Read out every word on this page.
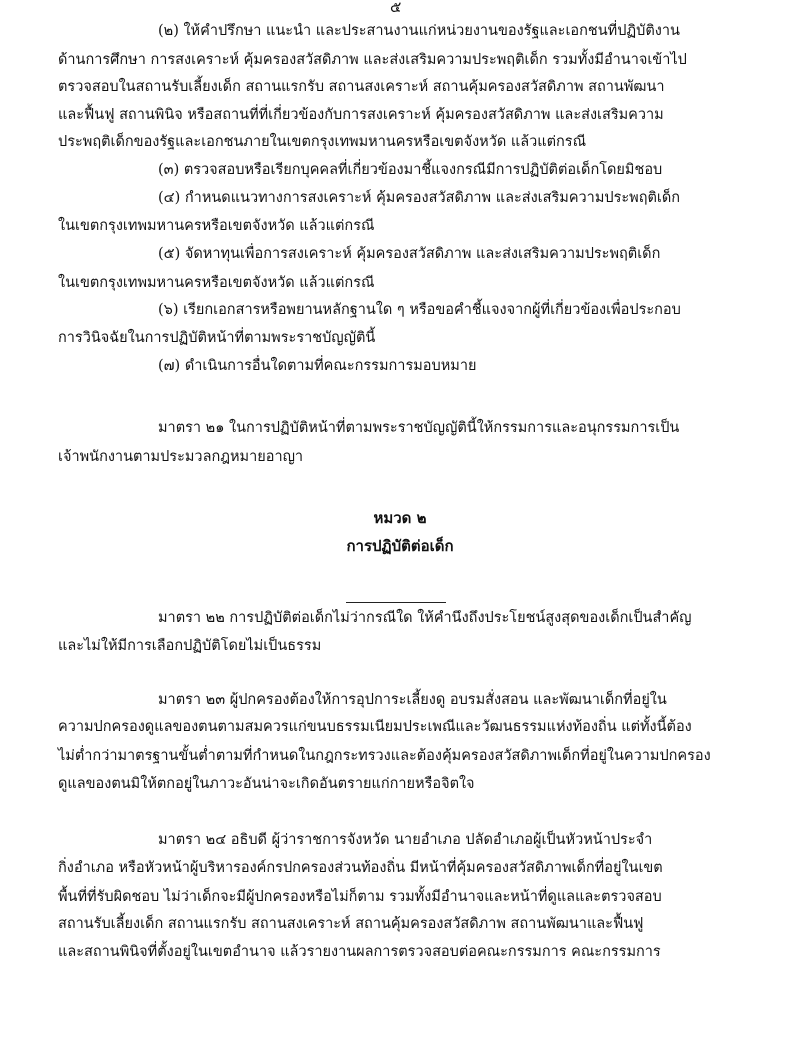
๕
(๒) ให้คำปรึกษา แนะนำ และประสานงานแก่หน่วยงานของรัฐและเอกชนที่ปฏิบัติงาน
ด้านการศึกษา การสงเคราะห์ คุ้มครองสวัสดิภาพ และส่งเสริมความประพฤติเด็ก รวมทั้งมีอำนาจเข้าไป
ตรวจสอบในสถานรับเลี้ยงเด็ก สถานแรกรับ สถานสงเคราะห์ สถานคุ้มครองสวัสดิภาพ สถานพัฒนา
และฟื้นฟู สถานพินิจ หรือสถานที่ที่เกี่ยวข้องกับการสงเคราะห์ คุ้มครองสวัสดิภาพ และส่งเสริมความ
ประพฤติเด็กของรัฐและเอกชนภายในเขตกรุงเทพมหานครหรือเขตจังหวัด แล้วแต่กรณี
(๓) ตรวจสอบหรือเรียกบุคคลที่เกี่ยวข้องมาชี้แจงกรณีมีการปฏิบัติต่อเด็กโดยมิชอบ
(๔) กำหนดแนวทางการสงเคราะห์ คุ้มครองสวัสดิภาพ และส่งเสริมความประพฤติเด็ก
ในเขตกรุงเทพมหานครหรือเขตจังหวัด แล้วแต่กรณี
(๕) จัดหาทุนเพื่อการสงเคราะห์ คุ้มครองสวัสดิภาพ และส่งเสริมความประพฤติเด็ก
ในเขตกรุงเทพมหานครหรือเขตจังหวัด แล้วแต่กรณี
(๖) เรียกเอกสารหรือพยานหลักฐานใด ๆ หรือขอคำชี้แจงจากผู้ที่เกี่ยวข้องเพื่อประกอบ
การวินิจฉัยในการปฏิบัติหน้าที่ตามพระราชบัญญัตินี้
(๗) ดำเนินการอื่นใดตามที่คณะกรรมการมอบหมาย
มาตรา ๒๑ ในการปฏิบัติหน้าที่ตามพระราชบัญญัตินี้ให้กรรมการและอนุกรรมการเป็น
เจ้าพนักงานตามประมวลกฎหมายอาญา
หมวด ๒
การปฏิบัติต่อเด็ก
มาตรา ๒๒ การปฏิบัติต่อเด็กไม่ว่ากรณีใด ให้คำนึงถึงประโยชน์สูงสุดของเด็กเป็นสำคัญ
และไม่ให้มีการเลือกปฏิบัติโดยไม่เป็นธรรม
มาตรา ๒๓ ผู้ปกครองต้องให้การอุปการะเลี้ยงดู อบรมสั่งสอน และพัฒนาเด็กที่อยู่ใน
ความปกครองดูแลของตนตามสมควรแก่ขนบธรรมเนียมประเพณีและวัฒนธรรมแห่งท้องถิ่น แต่ทั้งนี้ต้อง
ไม่ต่ำกว่ามาตรฐานขั้นต่ำตามที่กำหนดในกฎกระทรวงและต้องคุ้มครองสวัสดิภาพเด็กที่อยู่ในความปกครอง
ดูแลของตนมิให้ตกอยู่ในภาวะอันน่าจะเกิดอันตรายแก่กายหรือจิตใจ
มาตรา ๒๔ อธิบดี ผู้ว่าราชการจังหวัด นายอำเภอ ปลัดอำเภอผู้เป็นหัวหน้าประจำ
กิ่งอำเภอ หรือหัวหน้าผู้บริหารองค์กรปกครองส่วนท้องถิ่น มีหน้าที่คุ้มครองสวัสดิภาพเด็กที่อยู่ในเขต
พื้นที่ที่รับผิดชอบ ไม่ว่าเด็กจะมีผู้ปกครองหรือไม่ก็ตาม รวมทั้งมีอำนาจและหน้าที่ดูแลและตรวจสอบ
สถานรับเลี้ยงเด็ก สถานแรกรับ สถานสงเคราะห์ สถานคุ้มครองสวัสดิภาพ สถานพัฒนาและฟื้นฟู
และสถานพินิจที่ตั้งอยู่ในเขตอำนาจ แล้วรายงานผลการตรวจสอบต่อคณะกรรมการ คณะกรรมการ
